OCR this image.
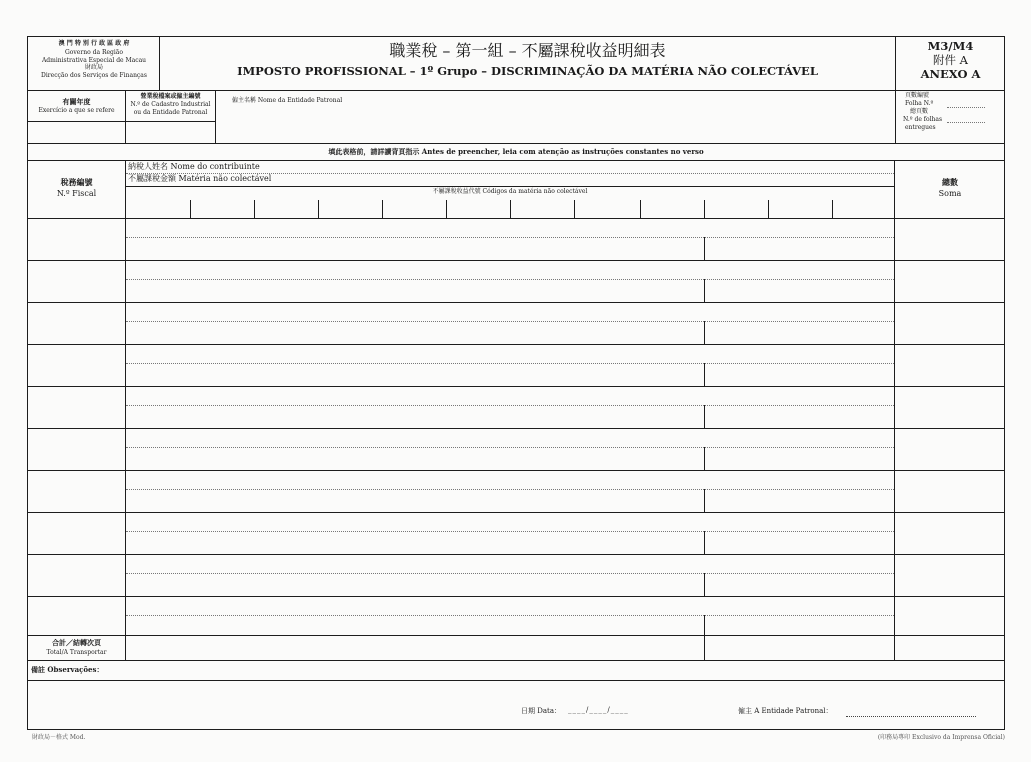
澳 門 特 別 行 政 區 政 府
Governo da Região
Administrativa Especial de Macau
財政局
Direcção dos Serviços de Finanças
職業稅 – 第一組 – 不屬課稅收益明細表
IMPOSTO PROFISSIONAL – 1º Grupo – DISCRIMINAÇÃO DA MATÉRIA NÃO COLECTÁVEL
M3/M4
附件 A
ANEXO A
有關年度
Exercício a que se refere
營業稅檔案或僱主編號
N.º de Cadastro Industrial
ou da Entidade Patronal
僱主名稱 Nome da Entidade Patronal
頁數編號
Folha N.º
總頁數
N.º de folhas
entregues
填此表格前，請詳讀背頁指示 Antes de preencher, leia com atenção as instruções constantes no verso
稅務編號
N.º Fiscal
納稅人姓名 Nome do contribuinte
不屬課稅金額 Matéria não colectável
不屬課稅收益代號 Códigos da matéria não colectável
總數
Soma
合計／結轉次頁
Total/A Transportar
備註 Observações：
日期 Data： ____/____/____	僱主 A Entidade Patronal：
財政局－格式 Mod.	(印務局專印 Exclusivo da Imprensa Oficial)
